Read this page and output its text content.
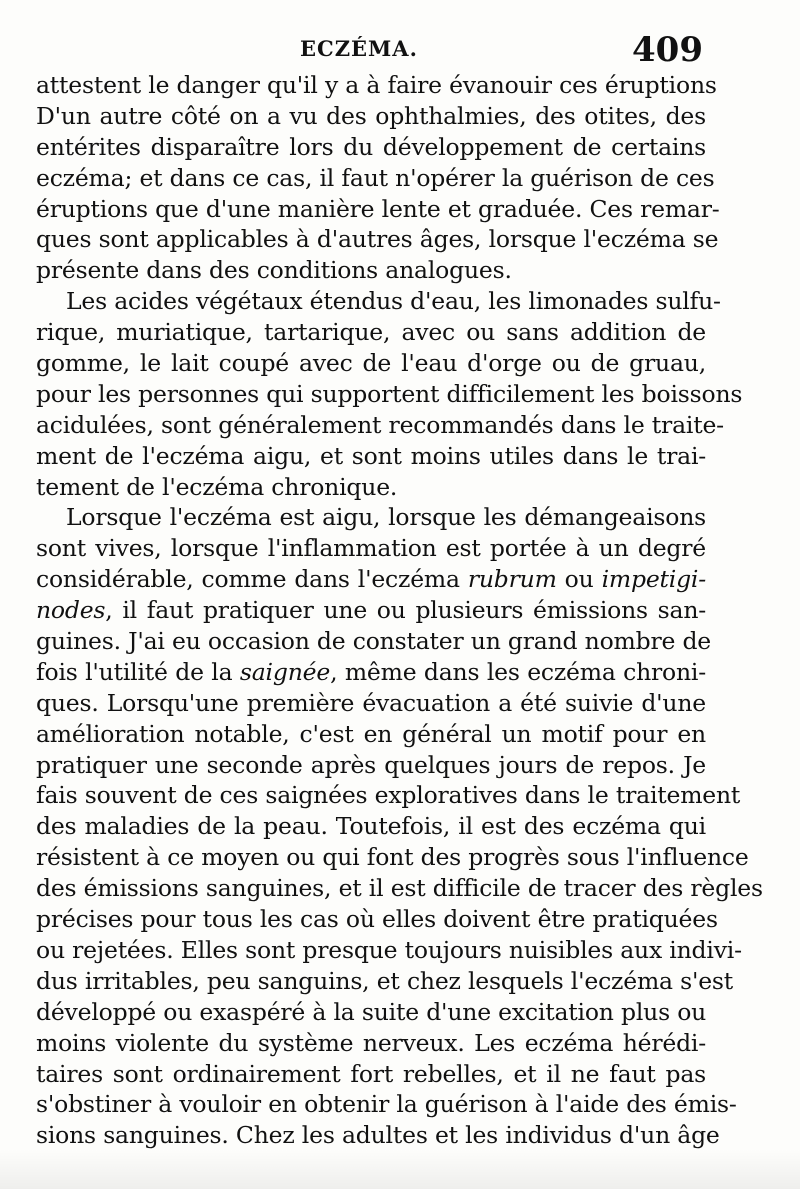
ECZÉMA.	409
attestent le danger qu'il y a à faire évanouir ces éruptions
D'un autre côté on a vu des ophthalmies, des otites, des
entérites disparaître lors du développement de certains
eczéma; et dans ce cas, il faut n'opérer la guérison de ces
éruptions que d'une manière lente et graduée. Ces remar-
ques sont applicables à d'autres âges, lorsque l'eczéma se
présente dans des conditions analogues.
Les acides végétaux étendus d'eau, les limonades sulfu-
rique, muriatique, tartarique, avec ou sans addition de
gomme, le lait coupé avec de l'eau d'orge ou de gruau,
pour les personnes qui supportent difficilement les boissons
acidulées, sont généralement recommandés dans le traite-
ment de l'eczéma aigu, et sont moins utiles dans le trai-
tement de l'eczéma chronique.
Lorsque l'eczéma est aigu, lorsque les démangeaisons
sont vives, lorsque l'inflammation est portée à un degré
considérable, comme dans l'eczéma rubrum ou impetigi-
nodes, il faut pratiquer une ou plusieurs émissions san-
guines. J'ai eu occasion de constater un grand nombre de
fois l'utilité de la saignée, même dans les eczéma chroni-
ques. Lorsqu'une première évacuation a été suivie d'une
amélioration notable, c'est en général un motif pour en
pratiquer une seconde après quelques jours de repos. Je
fais souvent de ces saignées exploratives dans le traitement
des maladies de la peau. Toutefois, il est des eczéma qui
résistent à ce moyen ou qui font des progrès sous l'influence
des émissions sanguines, et il est difficile de tracer des règles
précises pour tous les cas où elles doivent être pratiquées
ou rejetées. Elles sont presque toujours nuisibles aux indivi-
dus irritables, peu sanguins, et chez lesquels l'eczéma s'est
développé ou exaspéré à la suite d'une excitation plus ou
moins violente du système nerveux. Les eczéma hérédi-
taires sont ordinairement fort rebelles, et il ne faut pas
s'obstiner à vouloir en obtenir la guérison à l'aide des émis-
sions sanguines. Chez les adultes et les individus d'un âge
